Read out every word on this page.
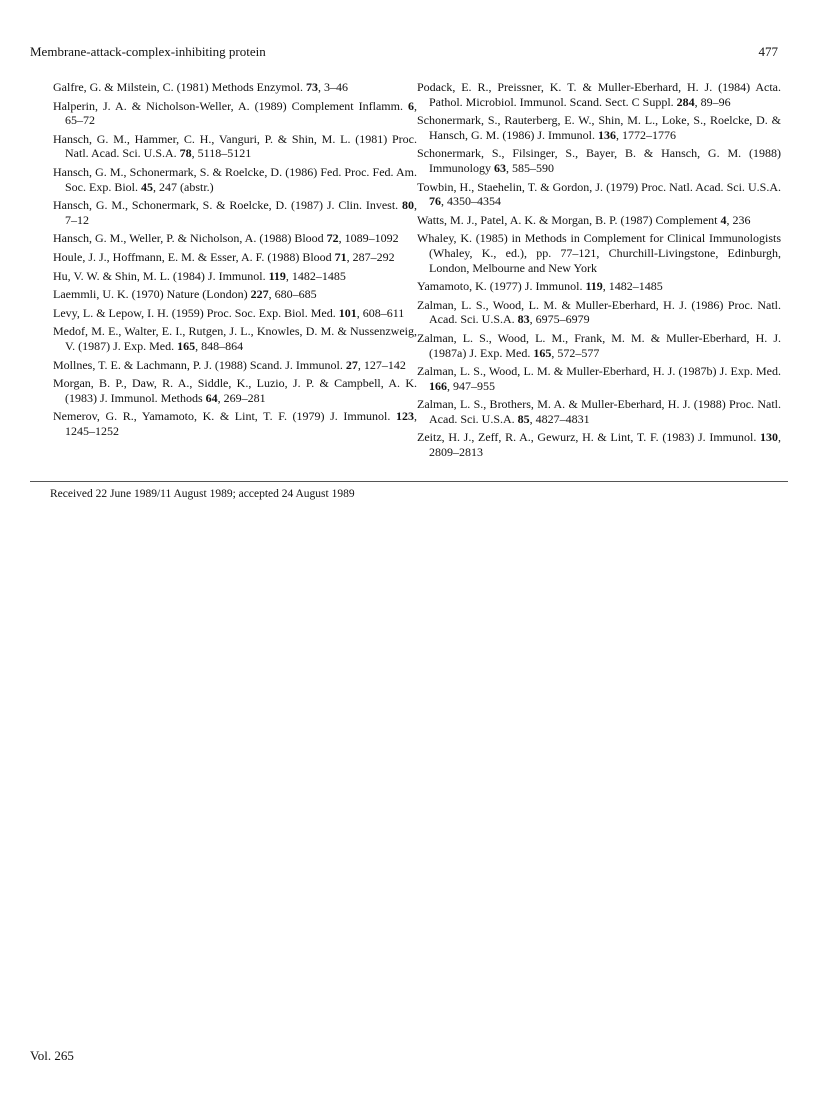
Membrane-attack-complex-inhibiting protein	477
Galfre, G. & Milstein, C. (1981) Methods Enzymol. 73, 3–46
Halperin, J. A. & Nicholson-Weller, A. (1989) Complement Inflamm. 6, 65–72
Hansch, G. M., Hammer, C. H., Vanguri, P. & Shin, M. L. (1981) Proc. Natl. Acad. Sci. U.S.A. 78, 5118–5121
Hansch, G. M., Schonermark, S. & Roelcke, D. (1986) Fed. Proc. Fed. Am. Soc. Exp. Biol. 45, 247 (abstr.)
Hansch, G. M., Schonermark, S. & Roelcke, D. (1987) J. Clin. Invest. 80, 7–12
Hansch, G. M., Weller, P. & Nicholson, A. (1988) Blood 72, 1089–1092
Houle, J. J., Hoffmann, E. M. & Esser, A. F. (1988) Blood 71, 287–292
Hu, V. W. & Shin, M. L. (1984) J. Immunol. 119, 1482–1485
Laemmli, U. K. (1970) Nature (London) 227, 680–685
Levy, L. & Lepow, I. H. (1959) Proc. Soc. Exp. Biol. Med. 101, 608–611
Medof, M. E., Walter, E. I., Rutgen, J. L., Knowles, D. M. & Nussenzweig, V. (1987) J. Exp. Med. 165, 848–864
Mollnes, T. E. & Lachmann, P. J. (1988) Scand. J. Immunol. 27, 127–142
Morgan, B. P., Daw, R. A., Siddle, K., Luzio, J. P. & Campbell, A. K. (1983) J. Immunol. Methods 64, 269–281
Nemerov, G. R., Yamamoto, K. & Lint, T. F. (1979) J. Immunol. 123, 1245–1252
Podack, E. R., Preissner, K. T. & Muller-Eberhard, H. J. (1984) Acta. Pathol. Microbiol. Immunol. Scand. Sect. C Suppl. 284, 89–96
Schonermark, S., Rauterberg, E. W., Shin, M. L., Loke, S., Roelcke, D. & Hansch, G. M. (1986) J. Immunol. 136, 1772–1776
Schonermark, S., Filsinger, S., Bayer, B. & Hansch, G. M. (1988) Immunology 63, 585–590
Towbin, H., Staehelin, T. & Gordon, J. (1979) Proc. Natl. Acad. Sci. U.S.A. 76, 4350–4354
Watts, M. J., Patel, A. K. & Morgan, B. P. (1987) Complement 4, 236
Whaley, K. (1985) in Methods in Complement for Clinical Immunologists (Whaley, K., ed.), pp. 77–121, Churchill-Livingstone, Edinburgh, London, Melbourne and New York
Yamamoto, K. (1977) J. Immunol. 119, 1482–1485
Zalman, L. S., Wood, L. M. & Muller-Eberhard, H. J. (1986) Proc. Natl. Acad. Sci. U.S.A. 83, 6975–6979
Zalman, L. S., Wood, L. M., Frank, M. M. & Muller-Eberhard, H. J. (1987a) J. Exp. Med. 165, 572–577
Zalman, L. S., Wood, L. M. & Muller-Eberhard, H. J. (1987b) J. Exp. Med. 166, 947–955
Zalman, L. S., Brothers, M. A. & Muller-Eberhard, H. J. (1988) Proc. Natl. Acad. Sci. U.S.A. 85, 4827–4831
Zeitz, H. J., Zeff, R. A., Gewurz, H. & Lint, T. F. (1983) J. Immunol. 130, 2809–2813
Received 22 June 1989/11 August 1989; accepted 24 August 1989
Vol. 265
